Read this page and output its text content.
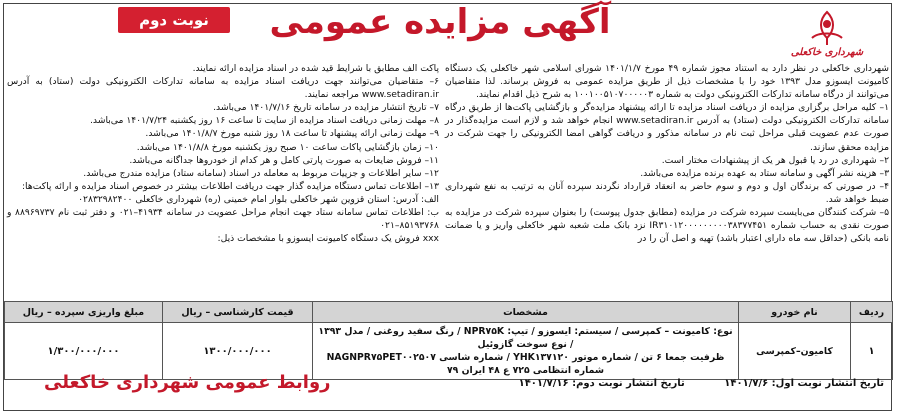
نوبت دوم	آگهی مزایده عمومی
شهرداری خاکعلی

شهرداری خاکعلی در نظر دارد به استناد مجوز شماره ۴۹ مورخ ۱۴۰۱/۱/۷ شورای اسلامی شهر خاکعلی یک دستگاه کامیونت ایسوزو مدل ۱۳۹۳ خود را با مشخصات ذیل از طریق مزایده عمومی به فروش برساند. لذا متقاضیان می‌توانند از درگاه سامانه تدارکات الکترونیکی دولت به شماره ۱۰۰۱۰۰۵۱۰۷۰۰۰۰۰۳ به شرح ذیل اقدام نمایند.

۱– کلیه مراحل برگزاری مزایده از دریافت اسناد مزایده تا ارائه پیشنهاد مزایده‌گر و بازگشایی پاکت‌ها از طریق درگاه سامانه تدارکات الکترونیکی دولت (ستاد) به آدرس www.setadiran.ir انجام خواهد شد و لازم است مزایده‌گذار در صورت عدم عضویت قبلی مراحل ثبت نام در سامانه مذکور و دریافت گواهی امضا الکترونیکی را جهت شرکت در مزایده محقق سازند.

۲– شهرداری در رد یا قبول هر یک از پیشنهادات مختار است.

۳– هزینه نشر آگهی و سامانه ستاد به عهده برنده مزایده می‌باشد.

۴– در صورتی که برندگان اول و دوم و سوم حاضر به انعقاد قرارداد نگردند سپرده آنان به ترتیب به نفع شهرداری ضبط خواهد شد.

۵– شرکت کنندگان می‌بایست سپرده شرکت در مزایده (مطابق جدول پیوست) را بعنوان سپرده شرکت در مزایده به صورت نقدی به حساب شماره IR۳۱۰۱۲۰۰۰۰۰۰۰۰۰۳۸۳۷۷۴۵۱ نزد بانک ملت شعبه شهر خاکعلی واریز و یا ضمانت نامه بانکی (حداقل سه ماه دارای اعتبار باشد) تهیه و اصل آن را در

پاکت الف مطابق با شرایط قید شده در اسناد مزایده ارائه نمایند.

۶– متقاضیان می‌توانند جهت دریافت اسناد مزایده به سامانه تدارکات الکترونیکی دولت (ستاد) به آدرس www.setadiran.ir مراجعه نمایند.

۷– تاریخ انتشار مزایده در سامانه تاریخ ۱۴۰۱/۷/۱۶ می‌باشد.

۸– مهلت زمانی دریافت اسناد مزایده از سایت تا ساعت ۱۶ روز یکشنبه ۱۴۰۱/۷/۲۴ می‌باشد.

۹– مهلت زمانی ارائه پیشنهاد تا ساعت ۱۸ روز شنبه مورخ ۱۴۰۱/۸/۷ می‌باشد.

۱۰– زمان بازگشایی پاکات ساعت ۱۰ صبح روز یکشنبه مورخ ۱۴۰۱/۸/۸ می‌باشد.

۱۱– فروش ضایعات به صورت پارتی کامل و هر کدام از خودروها جداگانه می‌باشد.

۱۲– سایر اطلاعات و جزییات مربوط به معامله در اسناد (سامانه ستاد) مزایده مندرج می‌باشد.

۱۳– اطلاعات تماس دستگاه مزایده گذار جهت دریافت اطلاعات بیشتر در خصوص اسناد مزایده و ارائه پاکت‌ها:

الف: آدرس: استان قزوین شهر خاکعلی بلوار امام خمینی (ره) شهرداری خاکعلی ۰۲۸۳۲۹۸۲۴۰۰

ب: اطلاعات تماس سامانه ستاد جهت انجام مراحل عضویت در سامانه ۴۱۹۳۴–۰۲۱ و دفتر ثبت نام ۸۸۹۶۹۷۳۷ و ۸۵۱۹۳۷۶۸–۰۲۱

xxx فروش یک دستگاه کامیونت ایسوزو با مشخصات ذیل:

ردیف	نام خودرو	مشخصات	قیمت کارشناسی – ریال	مبلغ واریزی سپرده – ریال
۱	کامیون–کمپرسی	نوع: کامیونت – کمپرسی / سیستم: ایسوزو / تیپ: NPR۷۵K / رنگ سفید روغنی / مدل ۱۳۹۳ / نوع سوخت گازوئیل
ظرفیت جمعا ۶ تن / شماره موتور YHK۱۳۷۱۲۰ / شماره شاسی NAGNPR۷۵PET۰۰۲۵۰۷
شماره انتظامی ۷۲۵ ع ۴۸ ایران ۷۹	۱۳۰۰/۰۰۰/۰۰۰	۱/۳۰۰/۰۰۰/۰۰۰
تاریخ انتشار نوبت اول: ۱۴۰۱/۷/۶ تاریخ انتشار نوبت دوم: ۱۴۰۱/۷/۱۶
روابط عمومی شهرداری خاکعلی
